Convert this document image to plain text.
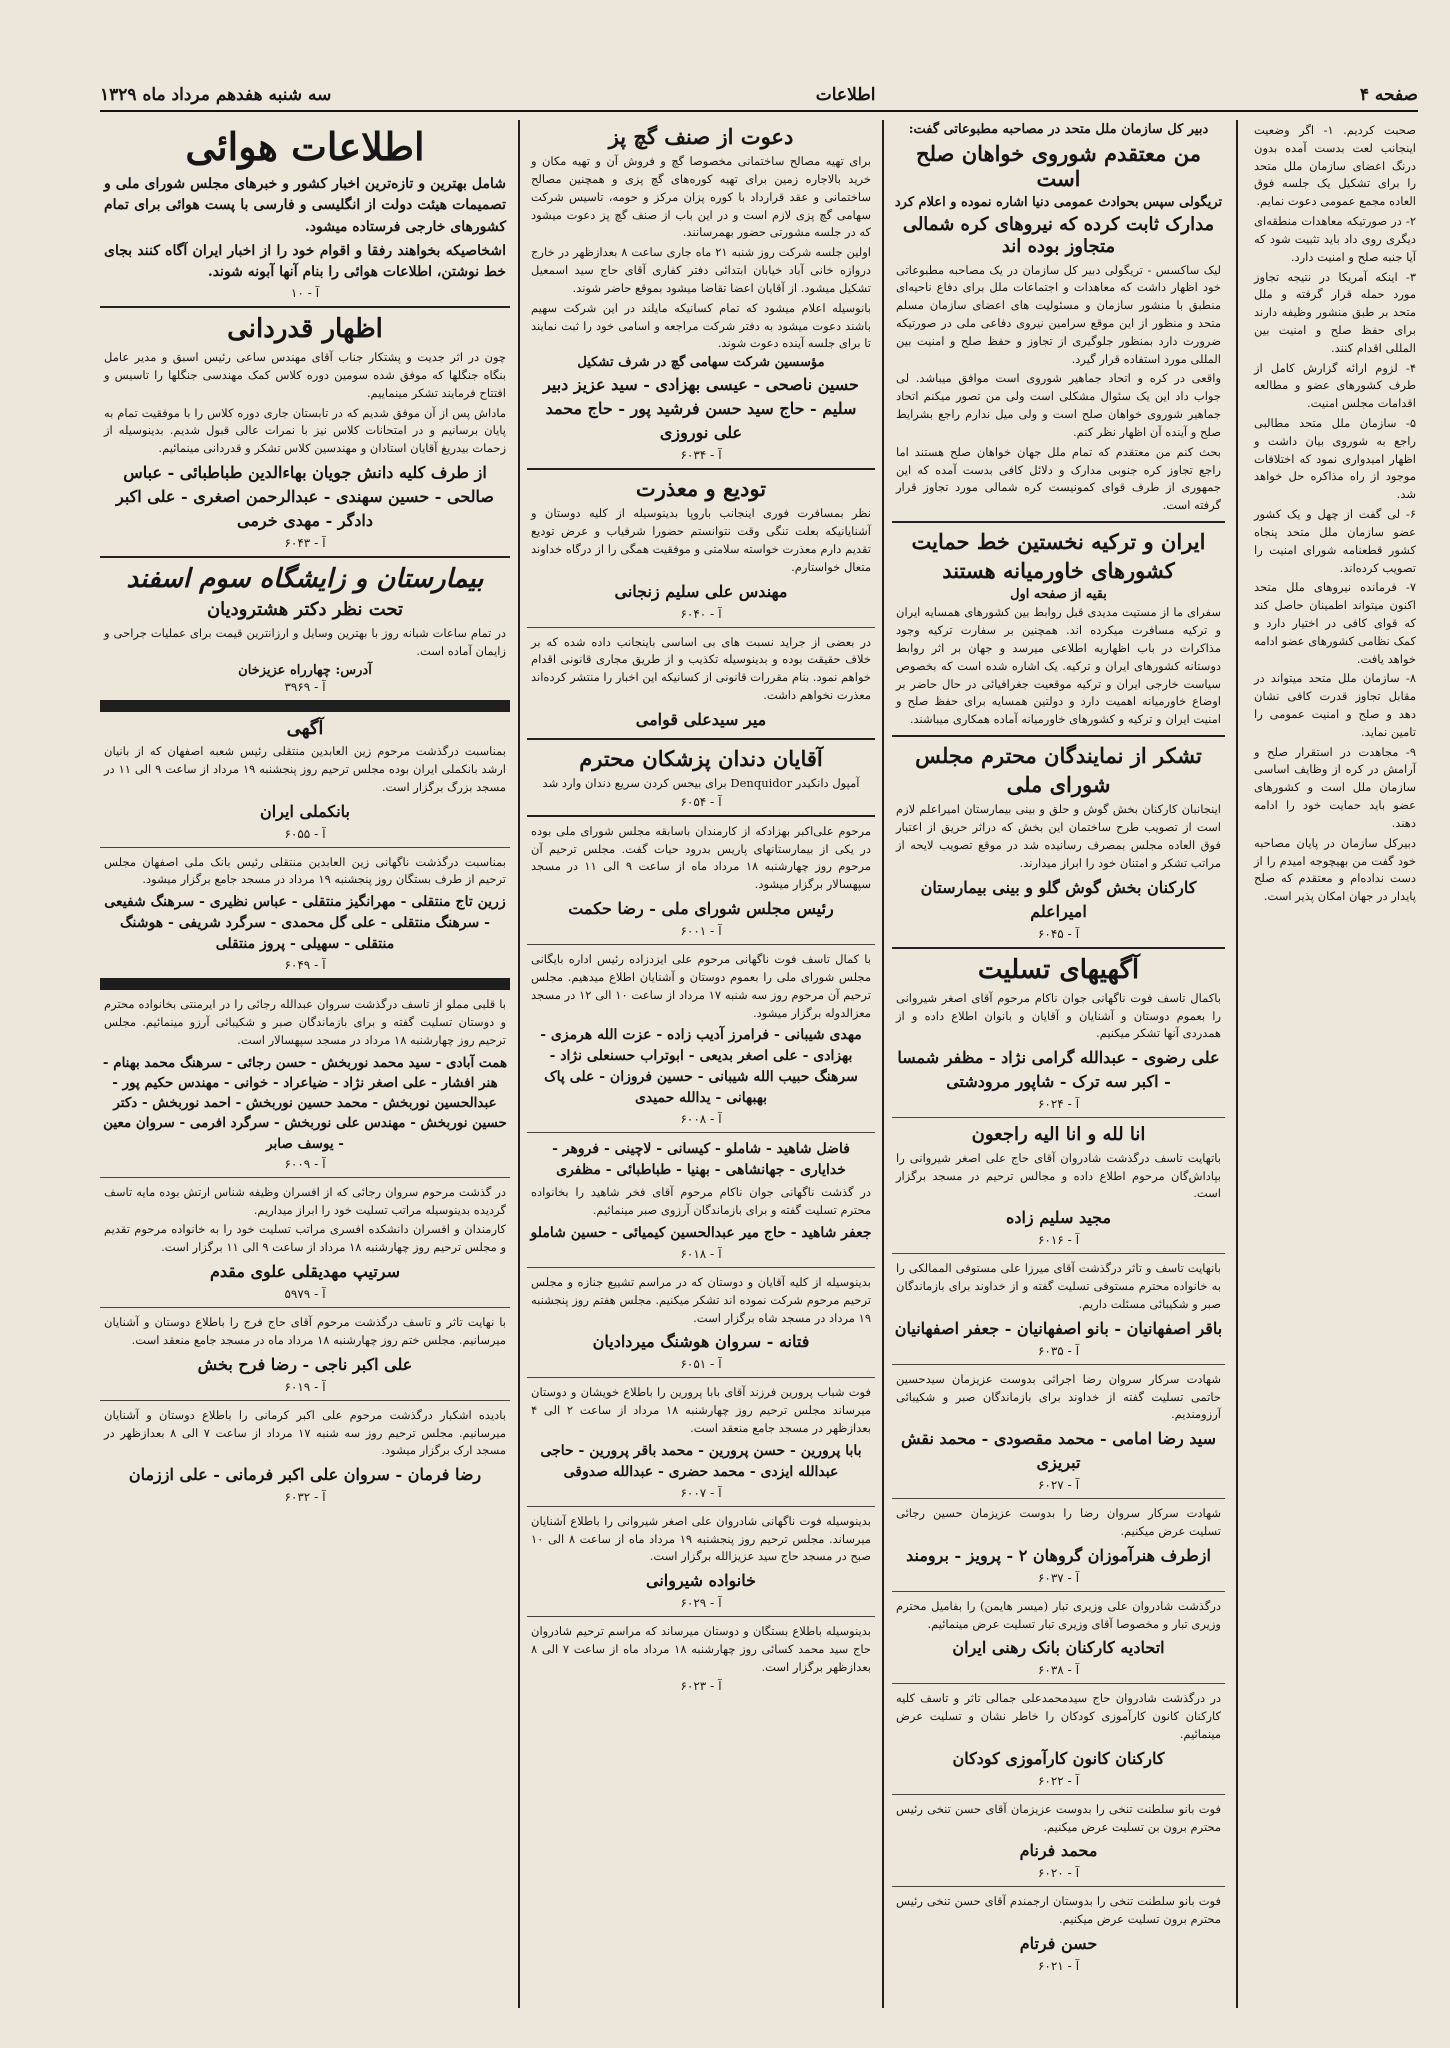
صفحه ۴
اطلاعات
سه شنبه هفدهم مرداد ماه ۱۳۲۹
صحبت کردیم. ۱- اگر وضعیت اینجانب لعت بدست آمده بدون درنگ اعضای سازمان ملل متحد را برای تشکیل یک جلسه فوق العاده مجمع عمومی دعوت نمایم.
۲- در صورتیکه معاهدات منطقه‌ای دیگری روی داد باید تثبیت شود که آیا جنبه صلح و امنیت دارد.
۳- اینکه آمریکا در نتیجه تجاوز مورد حمله قرار گرفته و ملل متحد بر طبق منشور وظیفه دارند برای حفظ صلح و امنیت بین المللی اقدام کنند.
۴- لزوم ارائه گزارش کامل از طرف کشورهای عضو و مطالعه اقدامات مجلس امنیت.
۵- سازمان ملل متحد مطالبی راجع به شوروی بیان داشت و اظهار امیدواری نمود که اختلافات موجود از راه مذاکره حل خواهد شد.
۶- لی گفت از چهل و یک کشور عضو سازمان ملل متحد پنجاه کشور قطعنامه شورای امنیت را تصویب کرده‌اند.
۷- فرمانده نیروهای ملل متحد اکنون میتواند اطمینان حاصل کند که قوای کافی در اختیار دارد و کمک نظامی کشورهای عضو ادامه خواهد یافت.
۸- سازمان ملل متحد میتواند در مقابل تجاوز قدرت کافی نشان دهد و صلح و امنیت عمومی را تامین نماید.
۹- مجاهدت در استقرار صلح و آرامش در کره از وظایف اساسی سازمان ملل است و کشورهای عضو باید حمایت خود را ادامه دهند.
دبیرکل سازمان در پایان مصاحبه خود گفت من بهیچوجه امیدم را از دست نداده‌ام و معتقدم که صلح پایدار در جهان امکان پذیر است.
دبیر کل سازمان ملل متحد در مصاحبه مطبوعاتی گفت:
من معتقدم شوروی خواهان صلح است
تریگولی سپس بحوادث عمومی دنیا اشاره نموده و اعلام کرد
مدارک ثابت کرده که نیروهای کره شمالی متجاوز بوده اند
لیک ساکسس - تریگولی دبیر کل سازمان در یک مصاحبه مطبوعاتی خود اظهار داشت که معاهدات و اجتماعات ملل برای دفاع ناحیه‌ای منطبق با منشور سازمان و مسئولیت های اعضای سازمان مسلم متحد و منظور از این موقع سرامین نیروی دفاعی ملی در صورتیکه ضرورت دارد بمنظور جلوگیری از تجاوز و حفظ صلح و امنیت بین المللی مورد استفاده قرار گیرد.
واقعی در کره و اتحاد جماهیر شوروی است موافق میباشد. لی جواب داد این یک سئوال مشکلی است ولی من تصور میکنم اتحاد جماهیر شوروی خواهان صلح است و ولی میل ندارم راجع بشرایط صلح و آینده آن اظهار نظر کنم.
بحث کنم من معتقدم که تمام ملل جهان خواهان صلح هستند اما راجع تجاوز کره جنوبی مدارک و دلائل کافی بدست آمده که این جمهوری از طرف قوای کمونیست کره شمالی مورد تجاوز قرار گرفته است.
ایران و ترکیه نخستین خط حمایت
کشورهای خاورمیانه هستند
بقیه از صفحه اول
سفرای ما از مستیت مدیدی قبل روابط بین کشورهای همسایه ایران و ترکیه مسافرت میکرده اند. همچنین بر سفارت ترکیه وجود مذاکرات در باب اظهاریه اطلاعی میرسد و جهان بر اثر روابط دوستانه کشورهای ایران و ترکیه. یک اشاره شده است که بخصوص سیاست خارجی ایران و ترکیه موقعیت جغرافیائی در حال حاضر بر اوضاع خاورمیانه اهمیت دارد و دولتین همسایه برای حفظ صلح و امنیت ایران و ترکیه و کشورهای خاورمیانه آماده همکاری میباشند.
تشکر از نمایندگان محترم مجلس
شورای ملی
اینجانبان کارکنان بخش گوش و حلق و بینی بیمارستان امیراعلم لازم است از تصویب طرح ساختمان این بخش که دراثر حریق از اعتبار فوق العاده مجلس بمصرف رسانیده شد در موقع تصویب لایحه از مراتب تشکر و امتنان خود را ابراز میدارند.
کارکنان بخش گوش گلو و بینی بیمارستان امیراعلم
آ - ۶۰۴۵
آگهیهای تسلیت
باکمال تاسف فوت ناگهانی جوان ناکام مرحوم آقای اصغر شیروانی را بعموم دوستان و آشنایان و آقایان و بانوان اطلاع داده و از همدردی آنها تشکر میکنیم.
علی رضوی - عبدالله گرامی نژاد - مظفر شمسا - اکبر سه ترک - شاپور مرودشتی
آ - ۶۰۲۴
انا لله و انا الیه راجعون
باتهایت تاسف درگذشت شادروان آقای حاج علی اصغر شیروانی را بپاداش‌گان مرحوم اطلاع داده و مجالس ترحیم در مسجد برگزار است.
مجید سلیم زاده
آ - ۶۰۱۶
بانهایت تاسف و تاثر درگذشت آقای میرزا علی مستوفی الممالکی را به خانواده محترم مستوفی تسلیت گفته و از خداوند برای بازماندگان صبر و شکیبائی مسئلت داریم.
باقر اصفهانیان - بانو اصفهانیان - جعفر اصفهانیان
آ - ۶۰۳۵
شهادت سرکار سروان رضا اجراثی بدوست عزیزمان سیدحسین حاتمی تسلیت گفته از خداوند برای بازماندگان صبر و شکیبائی آرزومندیم.
سید رضا امامی - محمد مقصودی - محمد نقش تبریزی
آ - ۶۰۲۷
شهادت سرکار سروان رضا را بدوست عزیزمان حسین رجائی تسلیت عرض میکنیم.
ازطرف هنرآموزان گروهان ۲ - پرویز - برومند
آ - ۶۰۳۷
درگذشت شادروان علی وزیری تبار (میسر هایمن) را بفامیل محترم وزیری تبار و مخصوصا آقای وزیری تبار تسلیت عرض مینمائیم.
اتحادیه کارکنان بانک رهنی ایران
آ - ۶۰۳۸
در درگذشت شادروان حاج سیدمحمدعلی جمالی تاثر و تاسف کلیه کارکنان کانون کارآموزی کودکان را خاطر نشان و تسلیت عرض مینمائیم.
کارکنان کانون کارآموزی کودکان
آ - ۶۰۲۲
فوت بانو سلطنت تنخی را بدوست عزیزمان آقای حسن تنخی رئیس محترم برون بن تسلیت عرض میکنیم.
محمد فرنام
آ - ۶۰۲۰
فوت بانو سلطنت تنخی را بدوستان ارجمندم آقای حسن تنخی رئیس محترم برون تسلیت عرض میکنیم.
حسن فرتام
آ - ۶۰۲۱
دعوت از صنف گچ پز
برای تهیه مصالح ساختمانی مخصوصا گچ و فروش آن و تهیه مکان و خرید بالاجاره زمین برای تهیه کوره‌های گچ پزی و همچنین مصالح ساختمانی و عقد قرارداد با کوره پزان مرکز و حومه، تاسیس شرکت سهامی گچ پزی لازم است و در این باب از صنف گچ پز دعوت میشود که در جلسه مشورتی حضور بهمرسانند.
اولین جلسه شرکت روز شنبه ۲۱ ماه جاری ساعت ۸ بعدازظهر در خارج دروازه خانی آباد خیابان ابتدائی دفتر کفاری آقای حاج سید اسمعیل تشکیل میشود. از آقایان اعضا تقاضا میشود بموقع حاضر شوند.
بانوسیله اعلام میشود که تمام کسانیکه مایلند در این شرکت سهیم باشند دعوت میشود به دفتر شرکت مراجعه و اسامی خود را ثبت نمایند تا برای جلسه آینده دعوت شوند.
مؤسسین شرکت سهامی گچ در شرف تشکیل
حسین ناصحی - عیسی بهزادی - سید عزیز دبیر سلیم - حاج سید حسن فرشید پور - حاج محمد علی نوروزی
آ - ۶۰۳۴
تودیع و معذرت
نظر بمسافرت فوری اینجانب باروپا بدینوسیله از کلیه دوستان و آشنایانیکه بعلت تنگی وقت نتوانستم حضورا شرفیاب و عرض تودیع تقدیم دارم معذرت خواسته سلامتی و موفقیت همگی را از درگاه خداوند متعال خواستارم.
مهندس علی سلیم زنجانی
آ - ۶۰۴۰
در بعضی از جراید نسبت های بی اساسی باینجانب داده شده که بر خلاف حقیقت بوده و بدینوسیله تکذیب و از طریق مجاری قانونی اقدام خواهم نمود. بنام مقررات قانونی از کسانیکه این اخبار را منتشر کرده‌اند معذرت نخواهم داشت.
میر سیدعلی قوامی
آقایان دندان پزشکان محترم
آمپول دانکیدر Denquidor برای بیحس کردن سریع دندان وارد شد
آ - ۶۰۵۴
مرحوم علی‌اکبر بهزادکه از کارمندان باسابقه مجلس شورای ملی بوده در یکی از بیمارستانهای پاریس بدرود حیات گفت. مجلس ترحیم آن مرحوم روز چهارشنبه ۱۸ مرداد ماه از ساعت ۹ الی ۱۱ در مسجد سپهسالار برگزار میشود.
رئیس مجلس شورای ملی - رضا حکمت
آ - ۶۰۰۱
با کمال تاسف فوت ناگهانی مرحوم علی ایزدزاده رئیس اداره بایگانی مجلس شورای ملی را بعموم دوستان و آشنایان اطلاع میدهیم. مجلس ترحیم آن مرحوم روز سه شنبه ۱۷ مرداد از ساعت ۱۰ الی ۱۲ در مسجد معزالدوله برگزار میشود.
مهدی شیبانی - فرامرز آدیب زاده - عزت الله هرمزی - بهزادی - علی اصغر بدیعی - ابوتراب حسنعلی نژاد - سرهنگ حبیب الله شیبانی - حسین فروزان - علی پاک بهبهانی - یدالله حمیدی
آ - ۶۰۰۸
فاضل شاهید - شاملو - کیسانی - لاچینی - فروهر - خدایاری - جهانشاهی - بهنیا - طباطبائی - مظفری
در گذشت ناگهانی جوان ناکام مرحوم آقای فخر شاهید را بخانواده محترم تسلیت گفته و برای بازماندگان آرزوی صبر مینمائیم.
جعفر شاهید - حاج میر عبدالحسین کیمیائی - حسین شاملو
آ - ۶۰۱۸
بدینوسیله از کلیه آقایان و دوستان که در مراسم تشییع جنازه و مجلس ترحیم مرحوم شرکت نموده اند تشکر میکنیم. مجلس هفتم روز پنجشنبه ۱۹ مرداد در مسجد شاه برگزار است.
فتانه - سروان هوشنگ میرداديان
آ - ۶۰۵۱
فوت شباب پرورین فرزند آقای بابا پرورین را باطلاع خویشان و دوستان میرساند مجلس ترحیم روز چهارشنبه ۱۸ مرداد از ساعت ۲ الی ۴ بعدازظهر در مسجد جامع منعقد است.
بابا پرورین - حسن پرورین - محمد باقر پرورین - حاجی عبدالله ایزدی - محمد حضری - عبدالله صدوقی
آ - ۶۰۰۷
بدینوسیله فوت ناگهانی شادروان علی اصغر شیروانی را باطلاع آشنایان میرساند. مجلس ترحیم روز پنجشنبه ۱۹ مرداد ماه از ساعت ۸ الی ۱۰ صبح در مسجد حاج سید عزیزالله برگزار است.
خانواده شیروانی
آ - ۶۰۲۹
بدینوسیله باطلاع بستگان و دوستان میرساند که مراسم ترحیم شادروان حاج سید محمد کسائی روز چهارشنبه ۱۸ مرداد ماه از ساعت ۷ الی ۸ بعدازظهر برگزار است.
آ - ۶۰۲۳
اطلاعات هوائی
شامل بهترین و تازه‌ترین اخبار کشور و خبرهای مجلس شورای ملی و تصمیمات هیئت دولت از انگلیسی و فارسی با پست هوائی برای تمام کشورهای خارجی فرستاده میشود.
اشخاصیکه بخواهند رفقا و اقوام خود را از اخبار ایران آگاه کنند بجای خط نوشتن، اطلاعات هوائی را بنام آنها آبونه شوند.
آ - ۱۰
اظهار قدردانی
چون در اثر جدیت و پشتکار جناب آقای مهندس ساعی رئیس اسبق و مدیر عامل بنگاه جنگلها که موفق شده سومین دوره کلاس کمک مهندسی جنگلها را تاسیس و افتتاح فرمایند تشکر مینماییم.
ماداش پس از آن موفق شدیم که در تابستان جاری دوره کلاس را با موفقیت تمام به پایان برسانیم و در امتحانات کلاس نیز با نمرات عالی قبول شدیم. بدینوسیله از زحمات بیدریغ آقایان استادان و مهندسین کلاس تشکر و قدردانی مینمائیم.
از طرف کلیه دانش جویان بهاءالدین طباطبائی - عباس صالحی - حسین سهندی - عبدالرحمن اصغری - علی اکبر دادگر - مهدی خرمی
آ - ۶۰۴۳
بیمارستان و زایشگاه سوم اسفند
تحت نظر دکتر هشترودیان
در تمام ساعات شبانه روز با بهترین وسایل و ارزانترین قیمت برای عملیات جراحی و زایمان آماده است.
آدرس: چهارراه عزیزخان
آ - ۳۹۶۹
آگهی
بمناسبت درگذشت مرحوم زین العابدین منتقلی رئیس شعبه اصفهان که از بانیان ارشد بانکملی ایران بوده مجلس ترحیم روز پنجشنبه ۱۹ مرداد از ساعت ۹ الی ۱۱ در مسجد بزرگ برگزار است.
بانکملی ایران
آ - ۶۰۵۵
بمناسبت درگذشت ناگهانی زین العابدین منتقلی رئیس بانک ملی اصفهان مجلس ترحیم از طرف بستگان روز پنجشنبه ۱۹ مرداد در مسجد جامع برگزار میشود.
زرین تاج منتقلی - مهرانگیز منتقلی - عباس نظیری - سرهنگ شفیعی - سرهنگ منتقلی - علی گل محمدی - سرگرد شریفی - هوشنگ منتقلی - سهیلی - پروز منتقلی
آ - ۶۰۴۹
با قلبی مملو از تاسف درگذشت سروان عبدالله رجائی را در ایرمنتی بخانواده محترم و دوستان تسلیت گفته و برای بازماندگان صبر و شکیبائی آرزو مینمائیم. مجلس ترحیم روز چهارشنبه ۱۸ مرداد در مسجد سپهسالار است.
همت آبادی - سید محمد نوربخش - حسن رجائی - سرهنگ محمد بهنام - هنر افشار - علی اصغر نژاد - ضیاعراد - خوانی - مهندس حکیم پور - عبدالحسین نوربخش - محمد حسین نوربخش - احمد نوربخش - دکتر حسین نوربخش - مهندس علی نوربخش - سرگرد افرمی - سروان معین - یوسف صابر
آ - ۶۰۰۹
در گذشت مرحوم سروان رجائی که از افسران وظیفه شناس ارتش بوده مایه تاسف گردیده بدینوسیله مراتب تسلیت خود را ابراز میداریم.
کارمندان و افسران دانشکده افسری مراتب تسلیت خود را به خانواده مرحوم تقدیم و مجلس ترحیم روز چهارشنبه ۱۸ مرداد از ساعت ۹ الی ۱۱ برگزار است.
سرتیپ مهدیقلی علوی مقدم
آ - ۵۹۷۹
با نهایت تاثر و تاسف درگذشت مرحوم آقای حاج فرج را باطلاع دوستان و آشنایان میرسانیم. مجلس ختم روز چهارشنبه ۱۸ مرداد ماه در مسجد جامع منعقد است.
علی اکبر ناجی - رضا فرح بخش
آ - ۶۰۱۹
بادیده اشکبار درگذشت مرحوم علی اکبر کرمانی را باطلاع دوستان و آشنایان میرسانیم. مجلس ترحیم روز سه شنبه ۱۷ مرداد از ساعت ۷ الی ۸ بعدازظهر در مسجد ارک برگزار میشود.
رضا فرمان - سروان علی اکبر فرمانی - علی اززمان
آ - ۶۰۳۲
